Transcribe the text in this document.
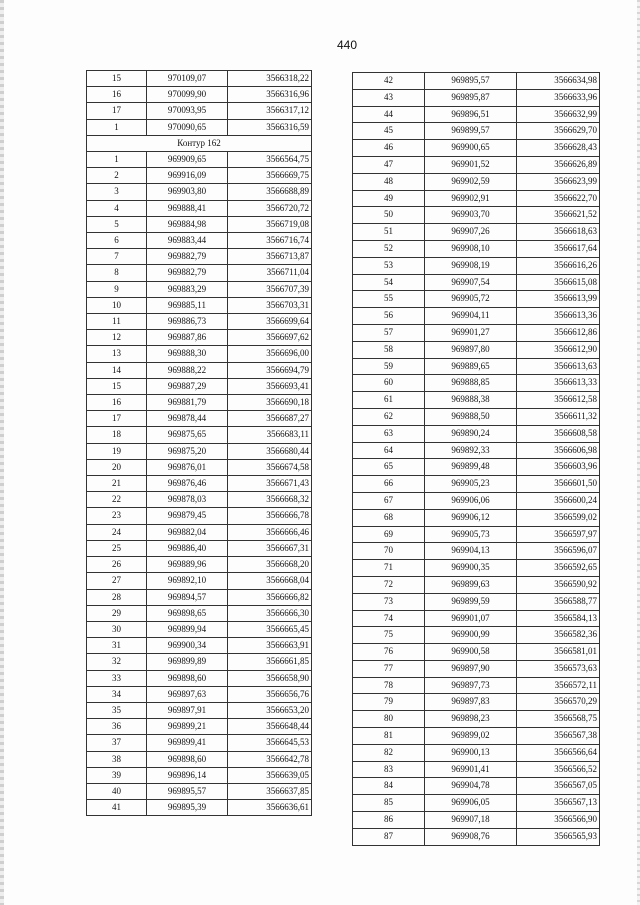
440
15	970109,07	3566318,22
16	970099,90	3566316,96
17	970093,95	3566317,12
1	970090,65	3566316,59
Контур 162		
1	969909,65	3566564,75
2	969916,09	3566669,75
3	969903,80	3566688,89
4	969888,41	3566720,72
5	969884,98	3566719,08
6	969883,44	3566716,74
7	969882,79	3566713,87
8	969882,79	3566711,04
9	969883,29	3566707,39
10	969885,11	3566703,31
11	969886,73	3566699,64
12	969887,86	3566697,62
13	969888,30	3566696,00
14	969888,22	3566694,79
15	969887,29	3566693,41
16	969881,79	3566690,18
17	969878,44	3566687,27
18	969875,65	3566683,11
19	969875,20	3566680,44
20	969876,01	3566674,58
21	969876,46	3566671,43
22	969878,03	3566668,32
23	969879,45	3566666,78
24	969882,04	3566666,46
25	969886,40	3566667,31
26	969889,96	3566668,20
27	969892,10	3566668,04
28	969894,57	3566666,82
29	969898,65	3566666,30
30	969899,94	3566665,45
31	969900,34	3566663,91
32	969899,89	3566661,85
33	969898,60	3566658,90
34	969897,63	3566656,76
35	969897,91	3566653,20
36	969899,21	3566648,44
37	969899,41	3566645,53
38	969898,60	3566642,78
39	969896,14	3566639,05
40	969895,57	3566637,85
41	969895,39	3566636,61
42	969895,57	3566634,98
43	969895,87	3566633,96
44	969896,51	3566632,99
45	969899,57	3566629,70
46	969900,65	3566628,43
47	969901,52	3566626,89
48	969902,59	3566623,99
49	969902,91	3566622,70
50	969903,70	3566621,52
51	969907,26	3566618,63
52	969908,10	3566617,64
53	969908,19	3566616,26
54	969907,54	3566615,08
55	969905,72	3566613,99
56	969904,11	3566613,36
57	969901,27	3566612,86
58	969897,80	3566612,90
59	969889,65	3566613,63
60	969888,85	3566613,33
61	969888,38	3566612,58
62	969888,50	3566611,32
63	969890,24	3566608,58
64	969892,33	3566606,98
65	969899,48	3566603,96
66	969905,23	3566601,50
67	969906,06	3566600,24
68	969906,12	3566599,02
69	969905,73	3566597,97
70	969904,13	3566596,07
71	969900,35	3566592,65
72	969899,63	3566590,92
73	969899,59	3566588,77
74	969901,07	3566584,13
75	969900,99	3566582,36
76	969900,58	3566581,01
77	969897,90	3566573,63
78	969897,73	3566572,11
79	969897,83	3566570,29
80	969898,23	3566568,75
81	969899,02	3566567,38
82	969900,13	3566566,64
83	969901,41	3566566,52
84	969904,78	3566567,05
85	969906,05	3566567,13
86	969907,18	3566566,90
87	969908,76	3566565,93
